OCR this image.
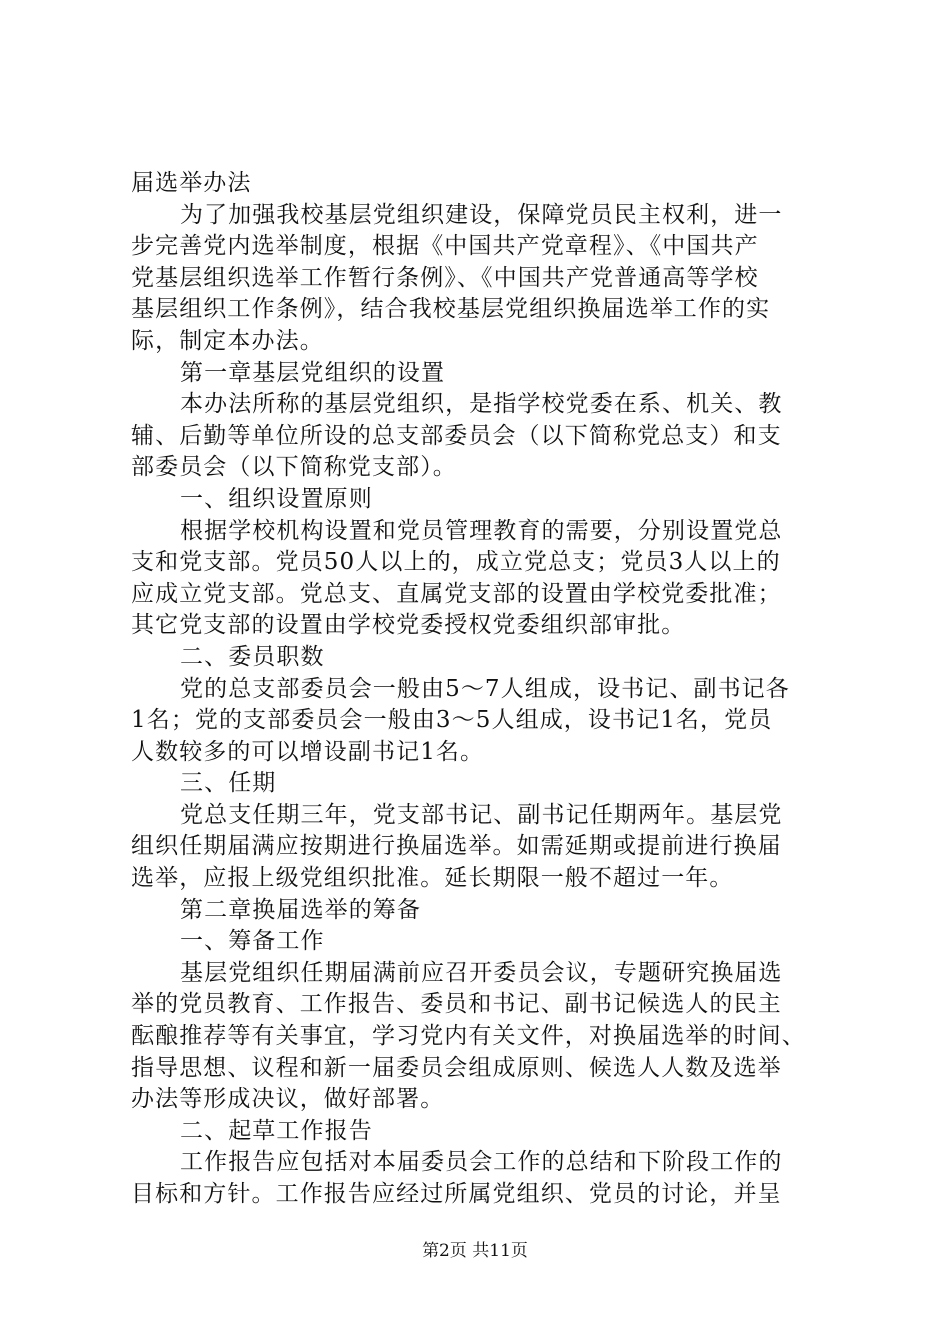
届选举办法
为了加强我校基层党组织建设，保障党员民主权利，进一
步完善党内选举制度，根据《中国共产党章程》、《中国共产
党基层组织选举工作暂行条例》、《中国共产党普通高等学校
基层组织工作条例》，结合我校基层党组织换届选举工作的实
际，制定本办法。
第一章基层党组织的设置
本办法所称的基层党组织，是指学校党委在系、机关、教
辅、后勤等单位所设的总支部委员会（以下简称党总支）和支
部委员会（以下简称党支部）。
一、组织设置原则
根据学校机构设置和党员管理教育的需要，分别设置党总
支和党支部。党员50人以上的，成立党总支；党员3人以上的
应成立党支部。党总支、直属党支部的设置由学校党委批准；
其它党支部的设置由学校党委授权党委组织部审批。
二、委员职数
党的总支部委员会一般由5～7人组成，设书记、副书记各
1名；党的支部委员会一般由3～5人组成，设书记1名，党员
人数较多的可以增设副书记1名。
三、任期
党总支任期三年，党支部书记、副书记任期两年。基层党
组织任期届满应按期进行换届选举。如需延期或提前进行换届
选举，应报上级党组织批准。延长期限一般不超过一年。
第二章换届选举的筹备
一、筹备工作
基层党组织任期届满前应召开委员会议，专题研究换届选
举的党员教育、工作报告、委员和书记、副书记候选人的民主
酝酿推荐等有关事宜，学习党内有关文件，对换届选举的时间、
指导思想、议程和新一届委员会组成原则、候选人人数及选举
办法等形成决议，做好部署。
二、起草工作报告
工作报告应包括对本届委员会工作的总结和下阶段工作的
目标和方针。工作报告应经过所属党组织、党员的讨论，并呈
第2页 共11页
